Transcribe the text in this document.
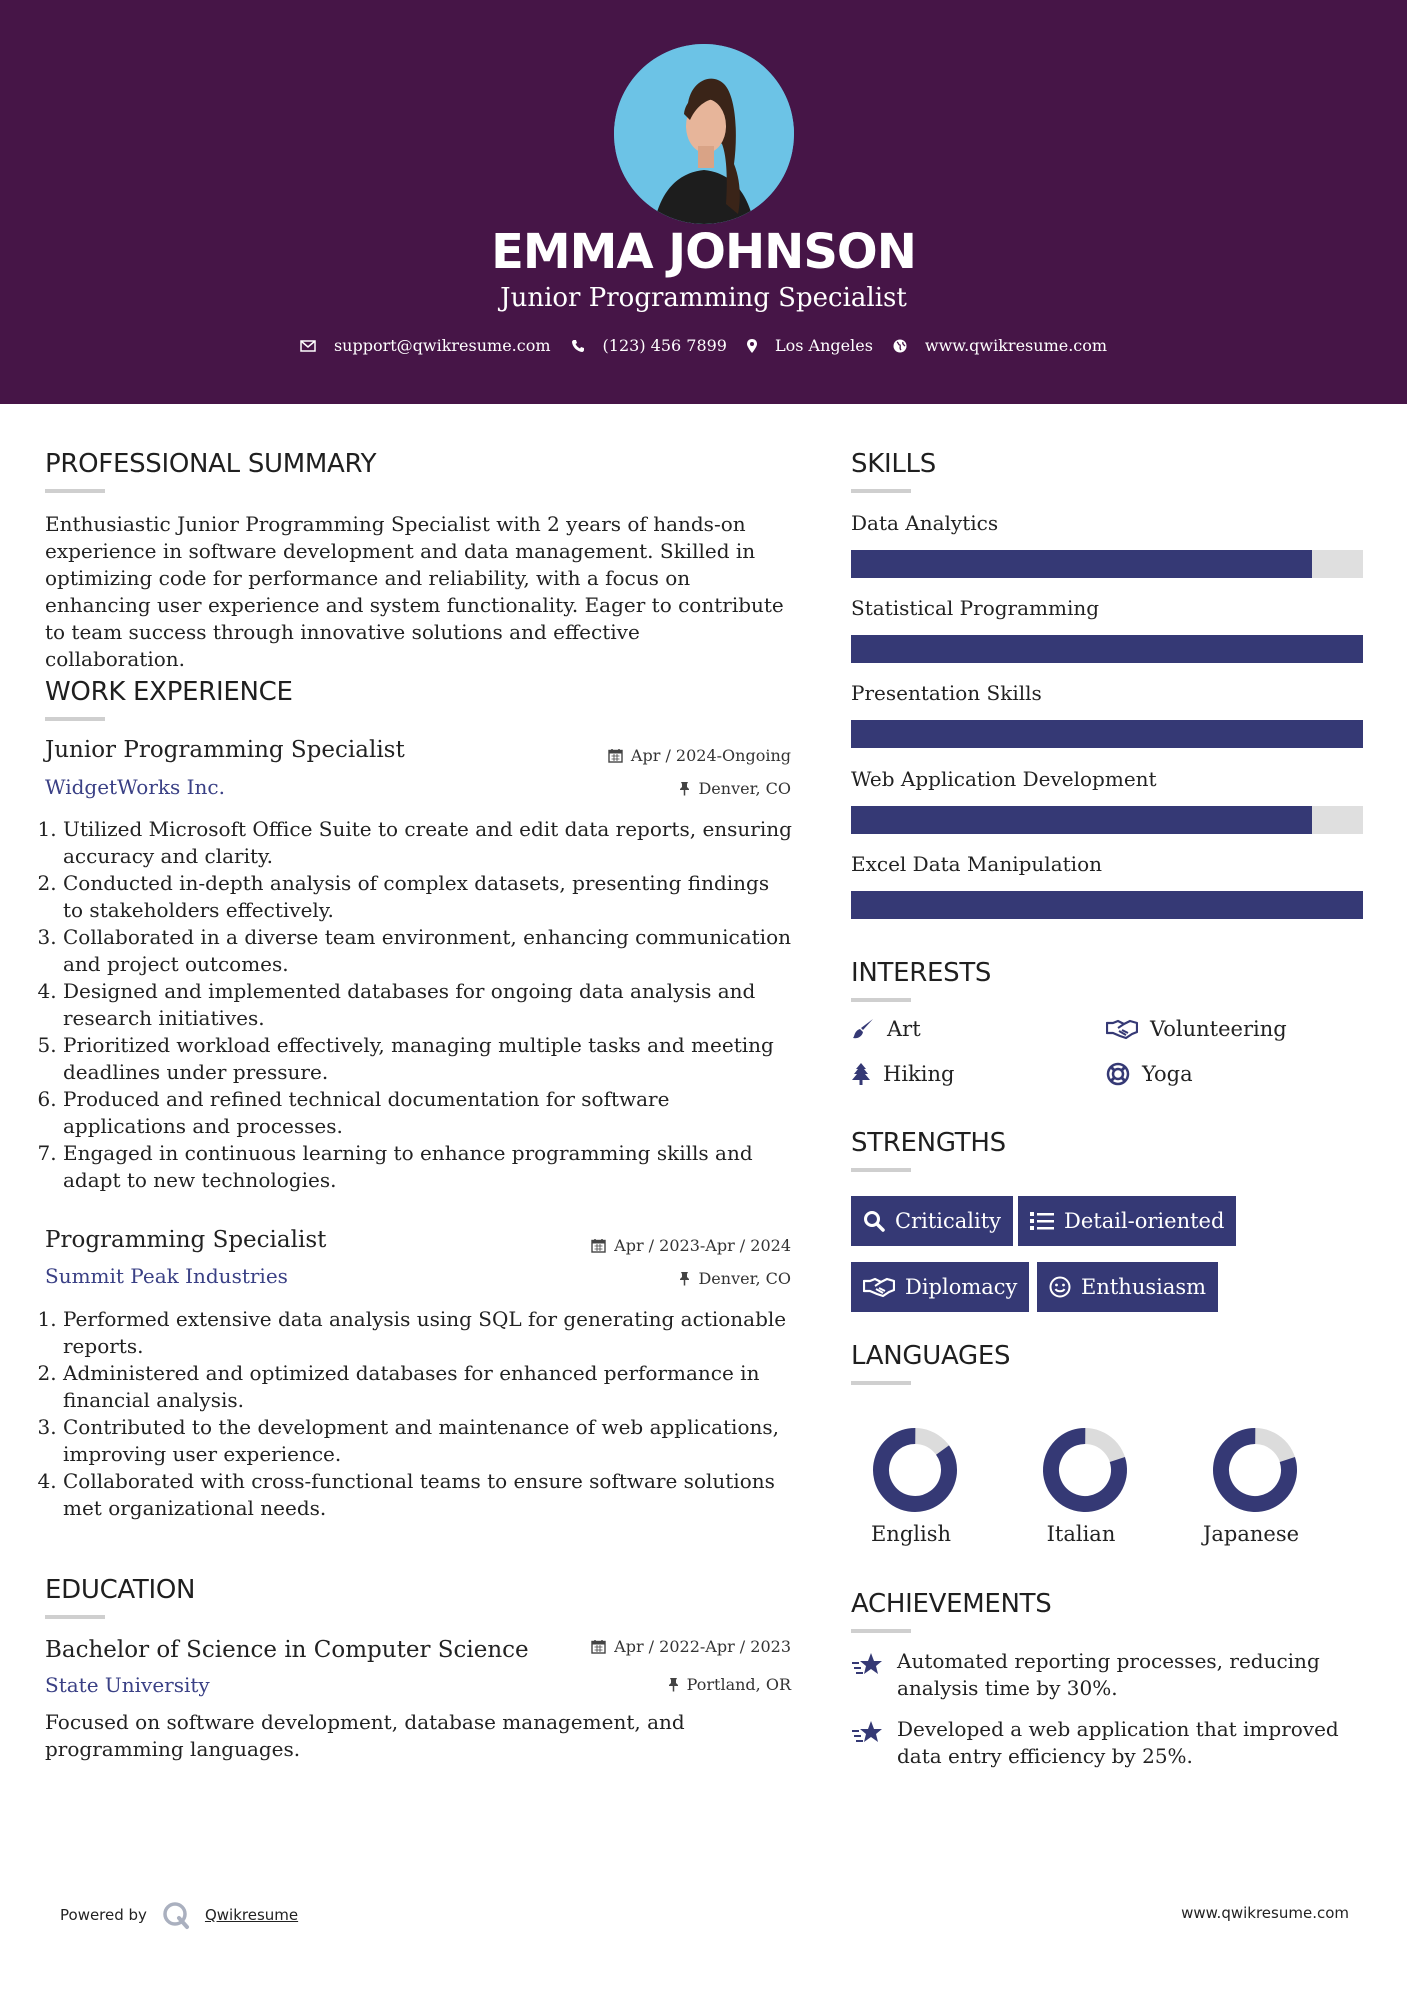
EMMA JOHNSON
Junior Programming Specialist
support@qwikresume.com	(123) 456 7899	Los Angeles	www.qwikresume.com
PROFESSIONAL SUMMARY
Enthusiastic Junior Programming Specialist with 2 years of hands-on experience in software development and data management. Skilled in optimizing code for performance and reliability, with a focus on enhancing user experience and system functionality. Eager to contribute to team success through innovative solutions and effective collaboration.
WORK EXPERIENCE
Junior Programming Specialist	Apr / 2024-Ongoing
WidgetWorks Inc.	Denver, CO
1. Utilized Microsoft Office Suite to create and edit data reports, ensuring accuracy and clarity.
2. Conducted in-depth analysis of complex datasets, presenting findings to stakeholders effectively.
3. Collaborated in a diverse team environment, enhancing communication and project outcomes.
4. Designed and implemented databases for ongoing data analysis and research initiatives.
5. Prioritized workload effectively, managing multiple tasks and meeting deadlines under pressure.
6. Produced and refined technical documentation for software applications and processes.
7. Engaged in continuous learning to enhance programming skills and adapt to new technologies.
Programming Specialist	Apr / 2023-Apr / 2024
Summit Peak Industries	Denver, CO
1. Performed extensive data analysis using SQL for generating actionable reports.
2. Administered and optimized databases for enhanced performance in financial analysis.
3. Contributed to the development and maintenance of web applications, improving user experience.
4. Collaborated with cross-functional teams to ensure software solutions met organizational needs.
EDUCATION
Bachelor of Science in Computer Science	Apr / 2022-Apr / 2023
State University	Portland, OR
Focused on software development, database management, and programming languages.
SKILLS
Data Analytics
Statistical Programming
Presentation Skills
Web Application Development
Excel Data Manipulation
INTERESTS
Art	Volunteering
Hiking	Yoga
STRENGTHS
Criticality	Detail-oriented
Diplomacy	Enthusiasm
LANGUAGES
English	Italian	Japanese
ACHIEVEMENTS
Automated reporting processes, reducing analysis time by 30%.
Developed a web application that improved data entry efficiency by 25%.
Powered by	Qwikresume	www.qwikresume.com
